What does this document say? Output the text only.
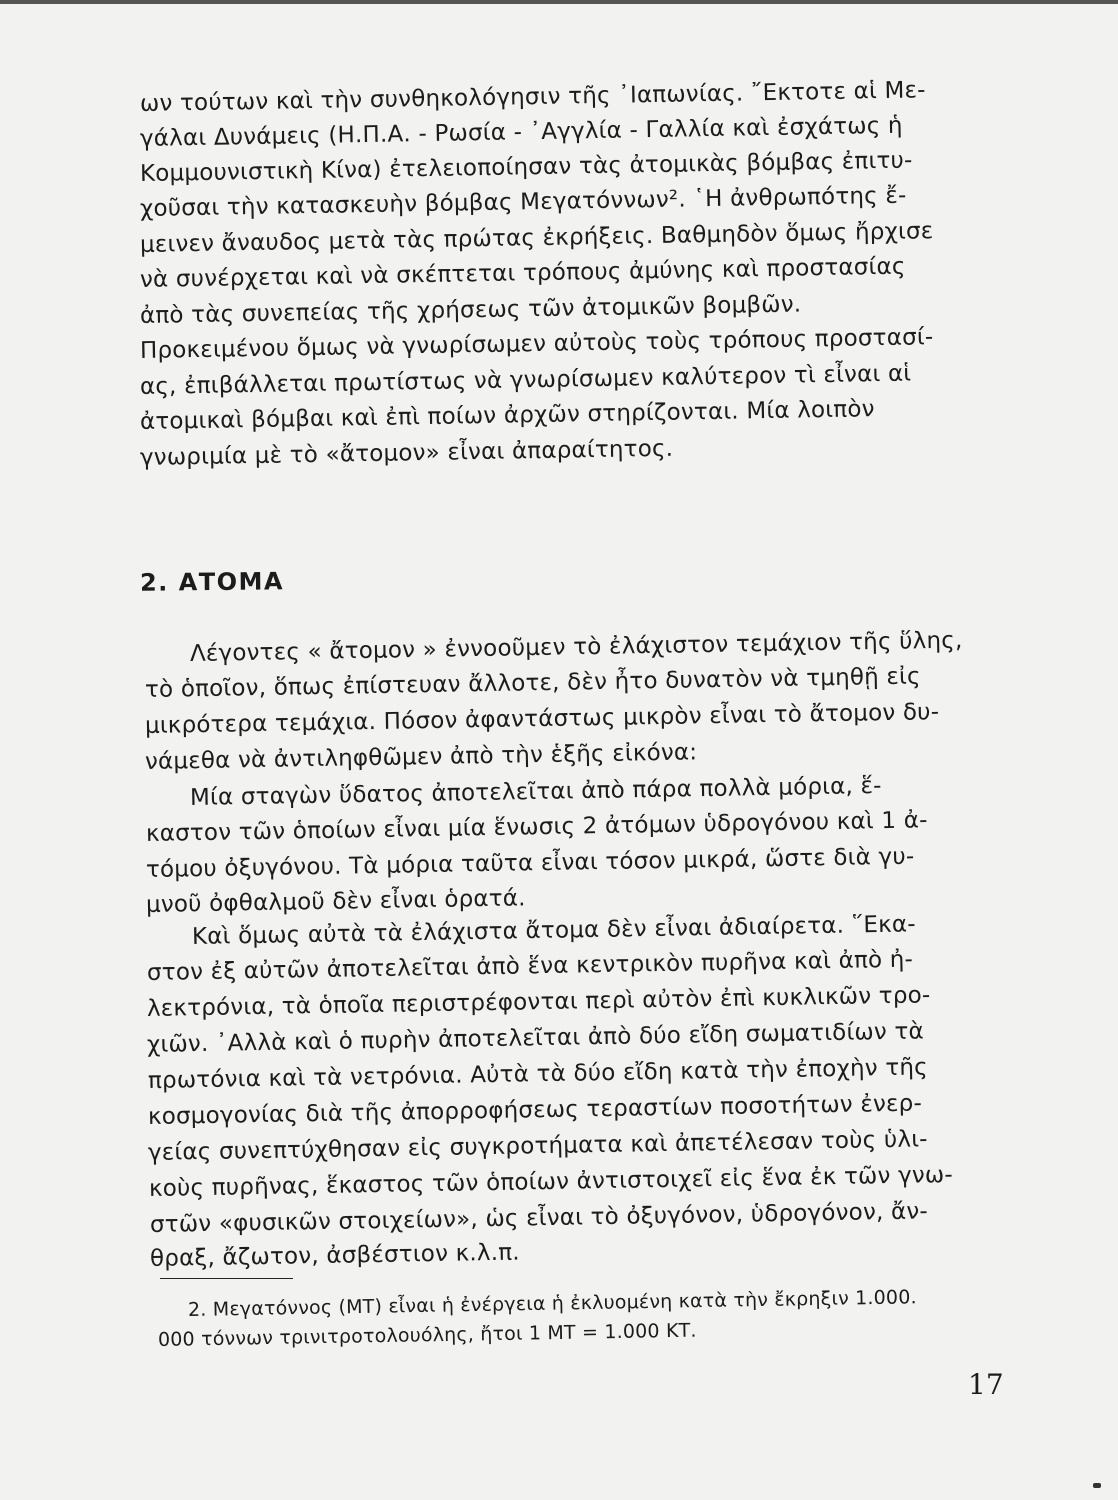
ων τούτων καὶ τὴν συνθηκολόγησιν τῆς ᾿Ιαπωνίας. ῎Εκτοτε αἱ Με-
γάλαι Δυνάμεις (Η.Π.Α. - Ρωσία - ᾿Αγγλία - Γαλλία καὶ ἐσχάτως ἡ
Κομμουνιστικὴ Κίνα) ἐτελειοποίησαν τὰς ἀτομικὰς βόμβας ἐπιτυ-
χοῦσαι τὴν κατασκευὴν βόμβας Μεγατόννων². ῾Η ἀνθρωπότης ἔ-
μεινεν ἄναυδος μετὰ τὰς πρώτας ἐκρήξεις. Βαθμηδὸν ὅμως ἤρχισε
νὰ συνέρχεται καὶ νὰ σκέπτεται τρόπους ἀμύνης καὶ προστασίας
ἀπὸ τὰς συνεπείας τῆς χρήσεως τῶν ἀτομικῶν βομβῶν.
Προκειμένου ὅμως νὰ γνωρίσωμεν αὐτοὺς τοὺς τρόπους προστασί-
ας, ἐπιβάλλεται πρωτίστως νὰ γνωρίσωμεν καλύτερον τὶ εἶναι αἱ
ἀτομικαὶ βόμβαι καὶ ἐπὶ ποίων ἀρχῶν στηρίζονται. Μία λοιπὸν
γνωριμία μὲ τὸ «ἄτομον» εἶναι ἀπαραίτητος.
2. ΑΤΟΜΑ
Λέγοντες « ἄτομον » ἐννοοῦμεν τὸ ἐλάχιστον τεμάχιον τῆς ὕλης,
τὸ ὁποῖον, ὅπως ἐπίστευαν ἄλλοτε, δὲν ἦτο δυνατὸν νὰ τμηθῇ εἰς
μικρότερα τεμάχια. Πόσον ἀφαντάστως μικρὸν εἶναι τὸ ἄτομον δυ-
νάμεθα νὰ ἀντιληφθῶμεν ἀπὸ τὴν ἑξῆς εἰκόνα:
Μία σταγὼν ὕδατος ἀποτελεῖται ἀπὸ πάρα πολλὰ μόρια, ἕ-
καστον τῶν ὁποίων εἶναι μία ἕνωσις 2 ἀτόμων ὑδρογόνου καὶ 1 ἀ-
τόμου ὀξυγόνου. Τὰ μόρια ταῦτα εἶναι τόσον μικρά, ὥστε διὰ γυ-
μνοῦ ὀφθαλμοῦ δὲν εἶναι ὁρατά.
Καὶ ὅμως αὐτὰ τὰ ἐλάχιστα ἄτομα δὲν εἶναι ἀδιαίρετα. ῞Εκα-
στον ἐξ αὐτῶν ἀποτελεῖται ἀπὸ ἕνα κεντρικὸν πυρῆνα καὶ ἀπὸ ἠ-
λεκτρόνια, τὰ ὁποῖα περιστρέφονται περὶ αὐτὸν ἐπὶ κυκλικῶν τρο-
χιῶν. ᾿Αλλὰ καὶ ὁ πυρὴν ἀποτελεῖται ἀπὸ δύο εἴδη σωματιδίων τὰ
πρωτόνια καὶ τὰ νετρόνια. Αὐτὰ τὰ δύο εἴδη κατὰ τὴν ἐποχὴν τῆς
κοσμογονίας διὰ τῆς ἀπορροφήσεως τεραστίων ποσοτήτων ἐνερ-
γείας συνεπτύχθησαν εἰς συγκροτήματα καὶ ἀπετέλεσαν τοὺς ὑλι-
κοὺς πυρῆνας, ἕκαστος τῶν ὁποίων ἀντιστοιχεῖ εἰς ἕνα ἐκ τῶν γνω-
στῶν «φυσικῶν στοιχείων», ὡς εἶναι τὸ ὀξυγόνον, ὑδρογόνον, ἄν-
θραξ, ἄζωτον, ἀσβέστιον κ.λ.π.
2. Μεγατόννος (ΜΤ) εἶναι ἡ ἐνέργεια ἡ ἐκλυομένη κατὰ τὴν ἔκρηξιν 1.000.
000 τόννων τρινιτροτολουόλης, ἤτοι 1 ΜΤ = 1.000 ΚΤ.
17
